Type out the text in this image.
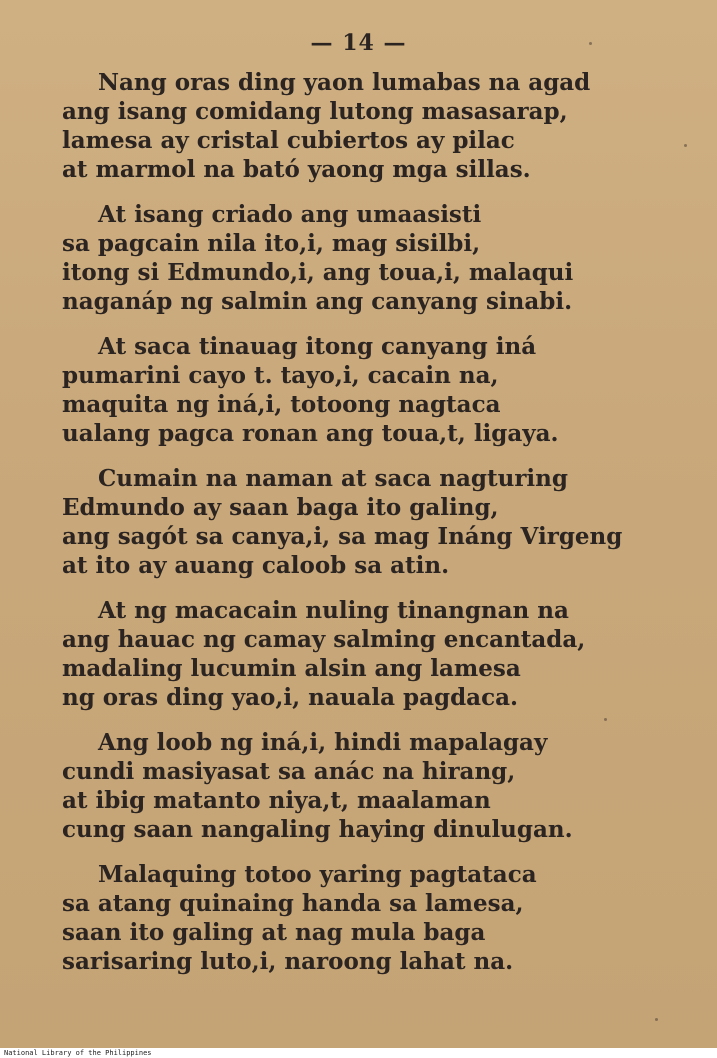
— 14 —
Nang oras ding yaon lumabas na agad
ang isang comidang lutong masasarap,
lamesa ay cristal cubiertos ay pilac
at marmol na bató yaong mga sillas.
At isang criado ang umaasisti
sa pagcain nila ito,i, mag sisilbi,
itong si Edmundo,i, ang toua,i, malaqui
naganáp ng salmin ang canyang sinabi.
At saca tinauag itong canyang iná
pumarini cayo t. tayo,i, cacain na,
maquita ng iná,i, totoong nagtaca
ualang pagca ronan ang toua,t, ligaya.
Cumain na naman at saca nagturing
Edmundo ay saan baga ito galing,
ang sagót sa canya,i, sa mag Ináng Virgeng
at ito ay auang caloob sa atin.
At ng macacain nuling tinangnan na
ang hauac ng camay salming encantada,
madaling lucumin alsin ang lamesa
ng oras ding yao,i, nauala pagdaca.
Ang loob ng iná,i, hindi mapalagay
cundi masiyasat sa anác na hirang,
at ibig matanto niya,t, maalaman
cung saan nangaling haying dinulugan.
Malaquing totoo yaring pagtataca
sa atang quinaing handa sa lamesa,
saan ito galing at nag mula baga
sarisaring luto,i, naroong lahat na.
National Library of the Philippines
